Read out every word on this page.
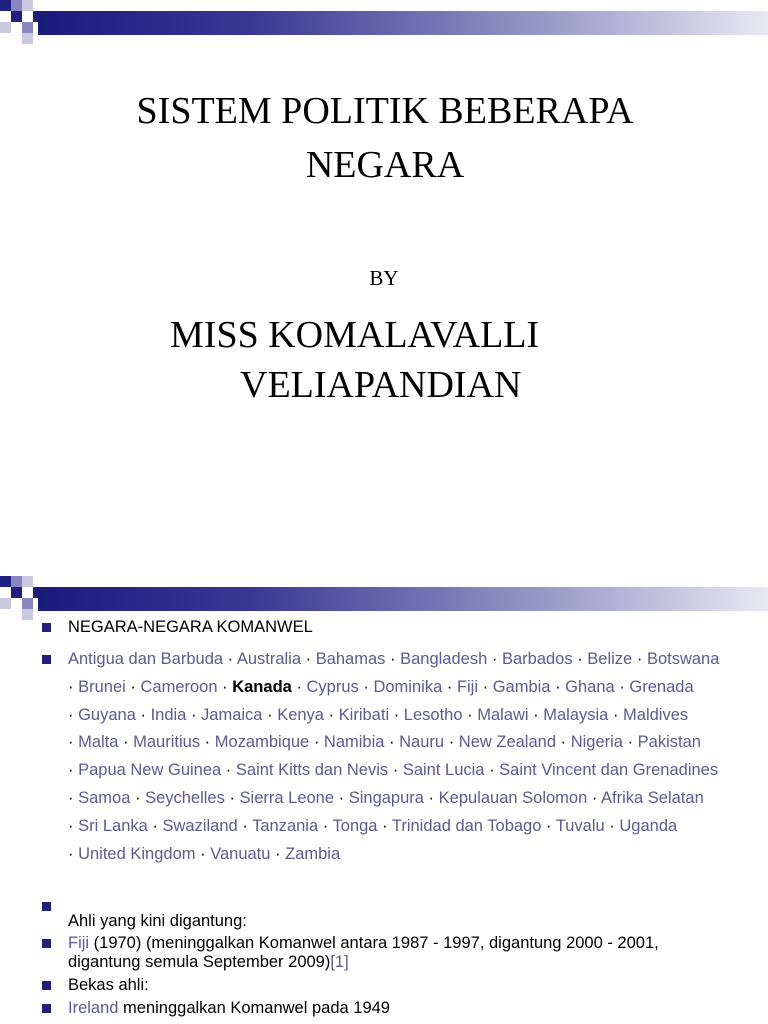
SISTEM POLITIK BEBERAPA
NEGARA
BY
MISS KOMALAVALLI
VELIAPANDIAN
NEGARA-NEGARA KOMANWEL
Antigua dan Barbuda · Australia · Bahamas · Bangladesh · Barbados · Belize · Botswana · Brunei · Cameroon · Kanada · Cyprus · Dominika · Fiji · Gambia · Ghana · Grenada · Guyana · India · Jamaica · Kenya · Kiribati · Lesotho · Malawi · Malaysia · Maldives · Malta · Mauritius · Mozambique · Namibia · Nauru · New Zealand · Nigeria · Pakistan · Papua New Guinea · Saint Kitts dan Nevis · Saint Lucia · Saint Vincent dan Grenadines · Samoa · Seychelles · Sierra Leone · Singapura · Kepulauan Solomon · Afrika Selatan · Sri Lanka · Swaziland · Tanzania · Tonga · Trinidad dan Tobago · Tuvalu · Uganda · United Kingdom · Vanuatu · Zambia
Ahli yang kini digantung:
Fiji (1970) (meninggalkan Komanwel antara 1987 - 1997, digantung 2000 - 2001, digantung semula September 2009)[1]
Bekas ahli:
Ireland meninggalkan Komanwel pada 1949
